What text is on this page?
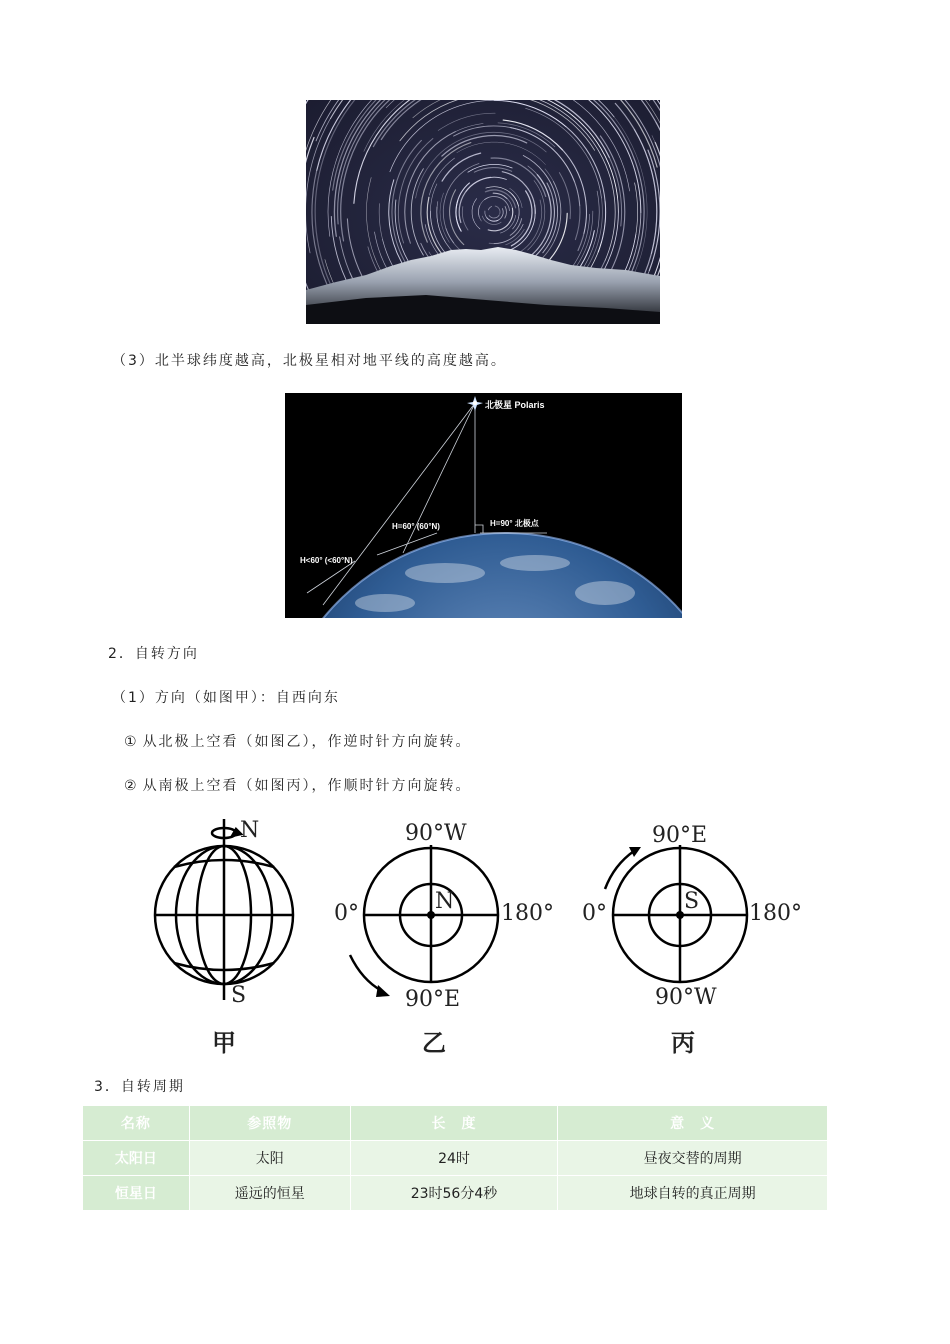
北极星 Polaris
H=90° 北极点
H=60° (60°N)
H<60° (<60°N)
（3）北半球纬度越高，北极星相对地平线的高度越高。
2．自转方向
（1）方向（如图甲）：自西向东
① 从北极上空看（如图乙），作逆时针方向旋转。
② 从南极上空看（如图丙），作顺时针方向旋转。
N
S
甲
90°W
90°E
0°	180°
N
乙
90°E
90°W
0°	180°
S
丙
3．自转周期
名称	参照物	长　度	意　义
太阳日	太阳	24时	昼夜交替的周期
恒星日	遥远的恒星	23时56分4秒	地球自转的真正周期
